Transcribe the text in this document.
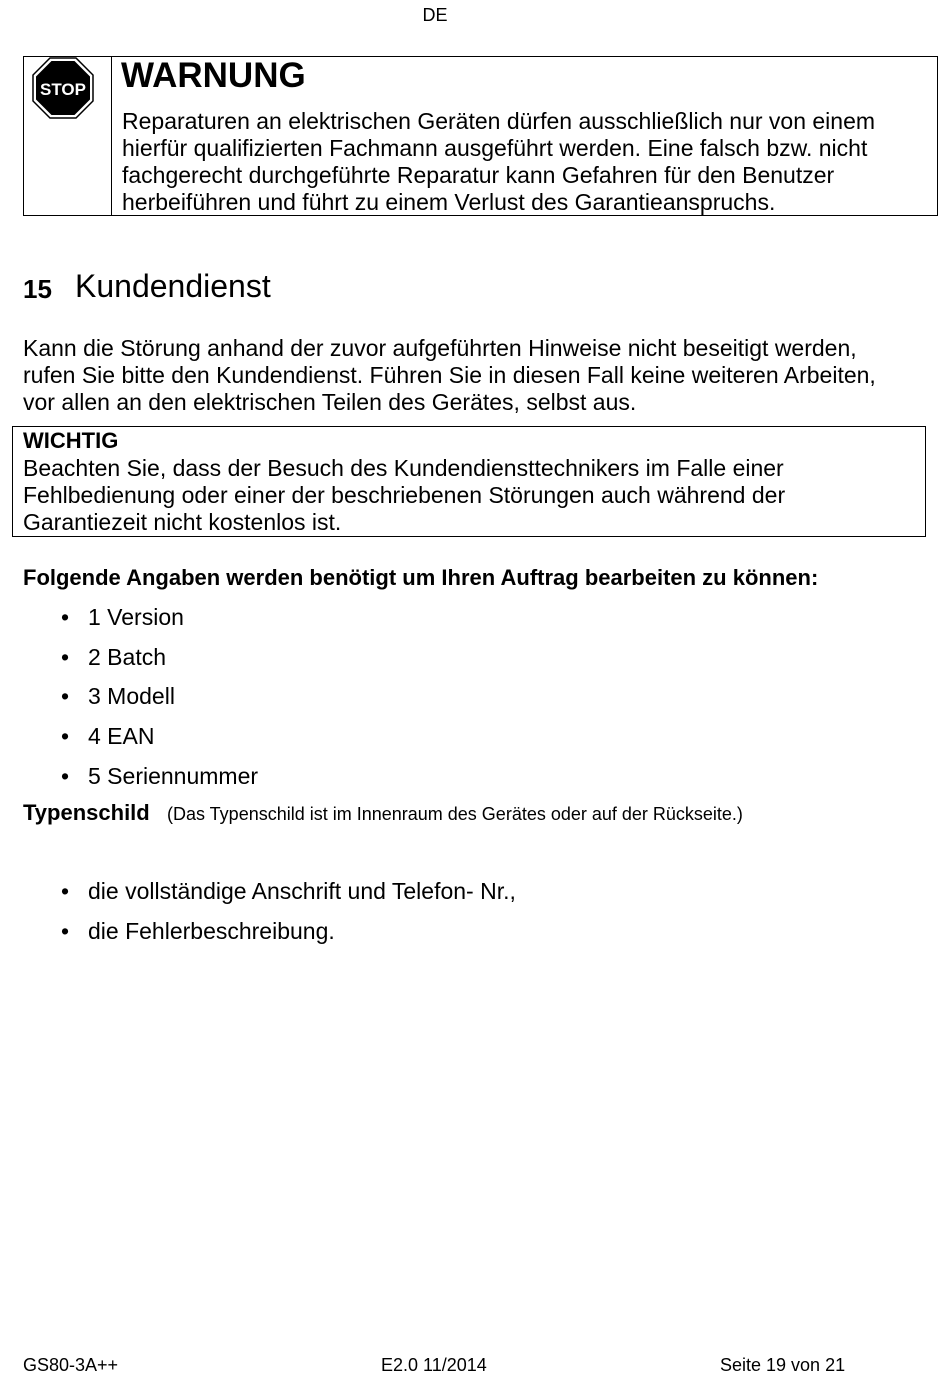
DE
STOP WARNUNG
Reparaturen an elektrischen Geräten dürfen ausschließlich nur von einem
hierfür qualifizierten Fachmann ausgeführt werden. Eine falsch bzw. nicht
fachgerecht durchgeführte Reparatur kann Gefahren für den Benutzer
herbeiführen und führt zu einem Verlust des Garantieanspruchs.
15 Kundendienst
Kann die Störung anhand der zuvor aufgeführten Hinweise nicht beseitigt werden,
rufen Sie bitte den Kundendienst. Führen Sie in diesen Fall keine weiteren Arbeiten,
vor allen an den elektrischen Teilen des Gerätes, selbst aus.
WICHTIG
Beachten Sie, dass der Besuch des Kundendiensttechnikers im Falle einer
Fehlbedienung oder einer der beschriebenen Störungen auch während der
Garantiezeit nicht kostenlos ist.
Folgende Angaben werden benötigt um Ihren Auftrag bearbeiten zu können:
• 1 Version
• 2 Batch
• 3 Modell
• 4 EAN
• 5 Seriennummer
Typenschild (Das Typenschild ist im Innenraum des Gerätes oder auf der Rückseite.)
• die vollständige Anschrift und Telefon- Nr.,
• die Fehlerbeschreibung.
GS80-3A++	E2.0 11/2014	Seite 19 von 21
